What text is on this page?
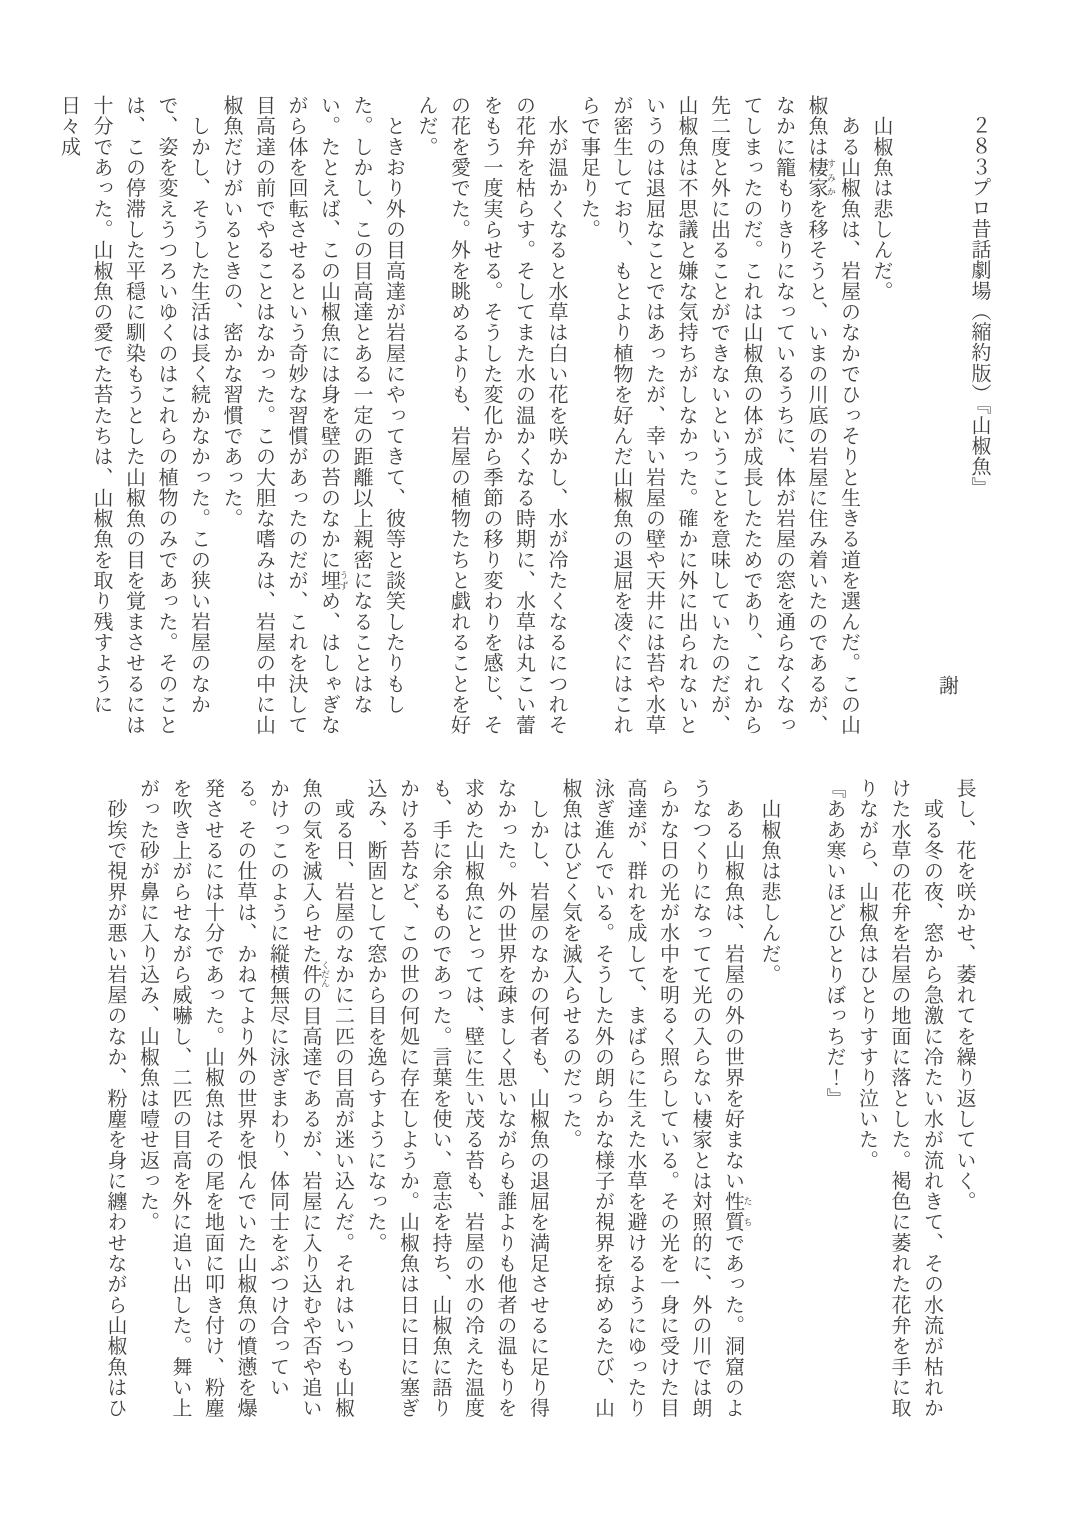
２８３プロ昔話劇場（縮約版）『山椒魚』

謝

　山椒魚は悲しんだ。

　ある山椒魚は、岩屋のなかでひっそりと生きる道を選んだ。この山椒魚は棲家 すみかを移そうと、いまの川底の岩屋に住み着いたのであるが、なかに籠もりきりになっているうちに、体が岩屋の窓を通らなくなってしまったのだ。これは山椒魚の体が成長したためであり、これから先二度と外に出ることができないということを意味していたのだが、山椒魚は不思議と嫌な気持ちがしなかった。確かに外に出られないというのは退屈なことではあったが、幸い岩屋の壁や天井には苔や水草が密生しており、もとより植物を好んだ山椒魚の退屈を凌ぐにはこれらで事足りた。

　水が温かくなると水草は白い花を咲かし、水が冷たくなるにつれその花弁を枯らす。そしてまた水の温かくなる時期に、水草は丸こい蕾をもう一度実らせる。そうした変化から季節の移り変わりを感じ、その花を愛でた。外を眺めるよりも、岩屋の植物たちと戯れることを好んだ。

　ときおり外の目高達が岩屋にやってきて、彼等と談笑したりもした。しかし、この目高達とある一定の距離以上親密になることはない。たとえば、この山椒魚には身を壁の苔のなかに埋 うずめ、はしゃぎながら体を回転させるという奇妙な習慣があったのだが、これを決して目高達の前でやることはなかった。この大胆な嗜みは、岩屋の中に山椒魚だけがいるときの、密かな習慣であった。

　しかし、そうした生活は長く続かなかった。この狭い岩屋のなかで、姿を変えうつろいゆくのはこれらの植物のみであった。そのことは、この停滞した平穏に馴染もうとした山椒魚の目を覚まさせるには十分であった。山椒魚の愛でた苔たちは、山椒魚を取り残すように日々成

長し、花を咲かせ、萎れてを繰り返していく。

　或る冬の夜、窓から急激に冷たい水が流れきて、その水流が枯れかけた水草の花弁を岩屋の地面に落とした。褐色に萎れた花弁を手に取りながら、山椒魚はひとりすすり泣いた。

『ああ寒いほどひとりぼっちだ！』

　山椒魚は悲しんだ。

　ある山椒魚は、岩屋の外の世界を好まない性質 たちであった。洞窟のようなつくりになってて光の入らない棲家とは対照的に、外の川では朗らかな日の光が水中を明るく照らしている。その光を一身に受けた目高達が、群れを成して、まばらに生えた水草を避けるようにゆったり泳ぎ進んでいる。そうした外の朗らかな様子が視界を掠めるたび、山椒魚はひどく気を滅入らせるのだった。

　しかし、岩屋のなかの何者も、山椒魚の退屈を満足させるに足り得なかった。外の世界を疎ましく思いながらも誰よりも他者の温もりを求めた山椒魚にとっては、壁に生い茂る苔も、岩屋の水の冷えた温度も、手に余るものであった。言葉を使い、意志を持ち、山椒魚に語りかける苔など、この世の何処に存在しようか。山椒魚は日に日に塞ぎ込み、断固として窓から目を逸らすようになった。

　或る日、岩屋のなかに二匹の目高が迷い込んだ。それはいつも山椒魚の気を滅入らせた件 くだんの目高達であるが、岩屋に入り込むや否や追いかけっこのように縦横無尽に泳ぎまわり、体同士をぶつけ合っている。その仕草は、かねてより外の世界を恨んでいた山椒魚の憤懣を爆発させるには十分であった。山椒魚はその尾を地面に叩き付け、粉塵を吹き上がらせながら威嚇し、二匹の目高を外に追い出した。舞い上がった砂が鼻に入り込み、山椒魚は噎せ返った。

　砂埃で視界が悪い岩屋のなか、粉塵を身に纏わせながら山椒魚はひ
